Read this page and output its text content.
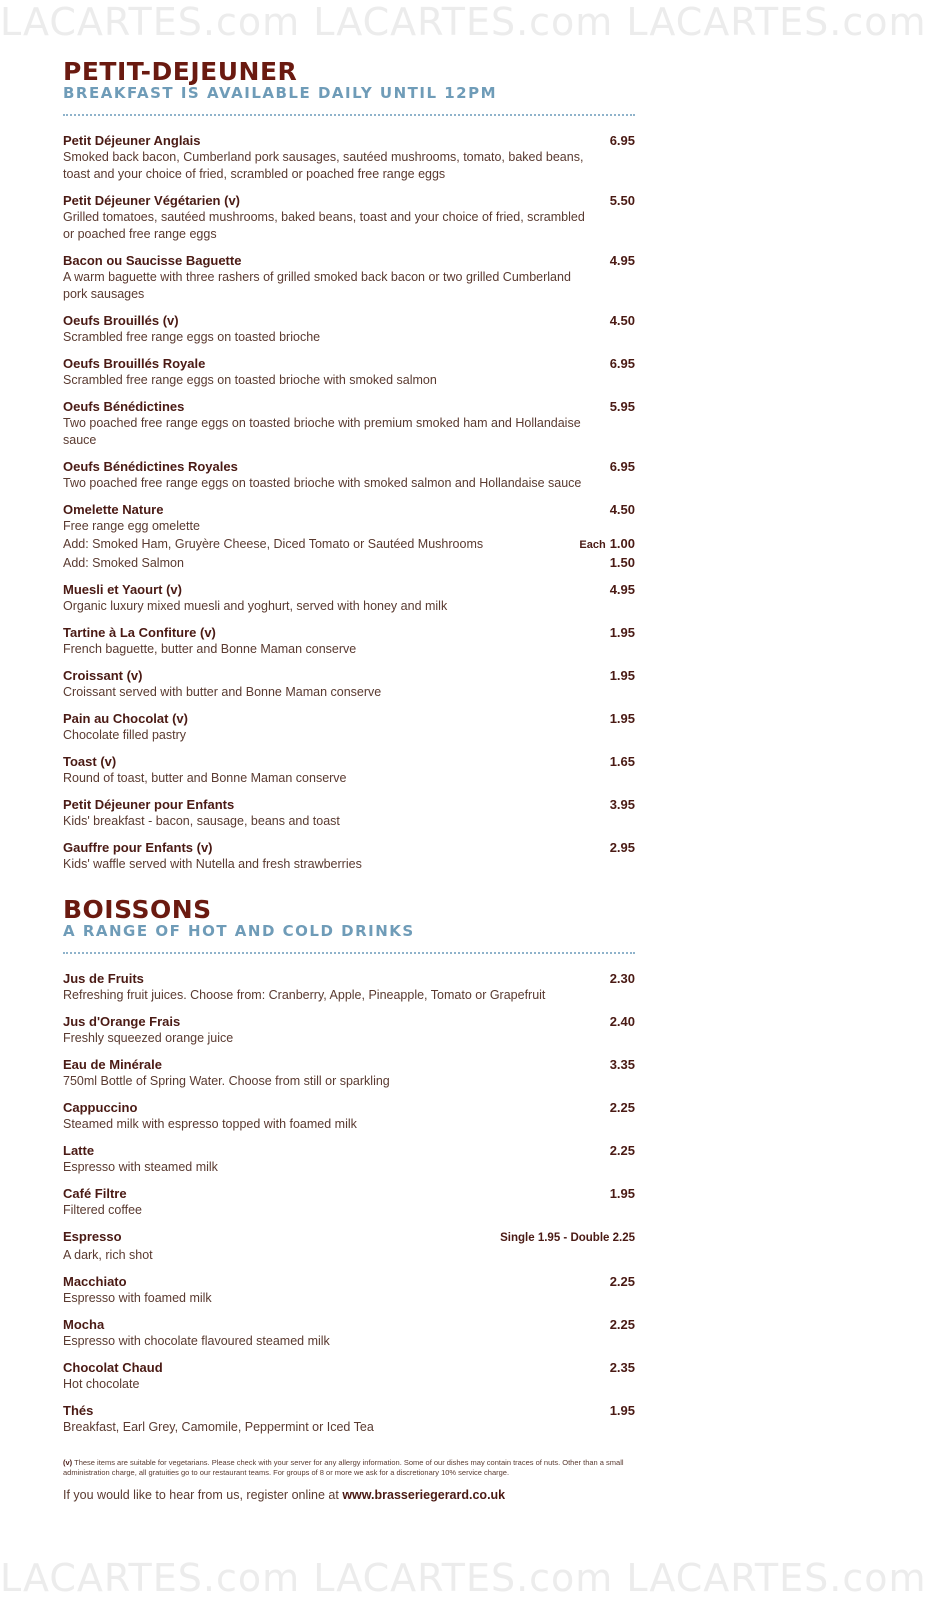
LACARTES.com LACARTES.com LACARTES.com
PETIT-DEJEUNER
BREAKFAST IS AVAILABLE DAILY UNTIL 12PM
Petit Déjeuner Anglais	6.95
Smoked back bacon, Cumberland pork sausages, sautéed mushrooms, tomato, baked beans, toast and your choice of fried, scrambled or poached free range eggs
Petit Déjeuner Végétarien (v)	5.50
Grilled tomatoes, sautéed mushrooms, baked beans, toast and your choice of fried, scrambled or poached free range eggs
Bacon ou Saucisse Baguette	4.95
A warm baguette with three rashers of grilled smoked back bacon or two grilled Cumberland pork sausages
Oeufs Brouillés (v)	4.50
Scrambled free range eggs on toasted brioche
Oeufs Brouillés Royale	6.95
Scrambled free range eggs on toasted brioche with smoked salmon
Oeufs Bénédictines	5.95
Two poached free range eggs on toasted brioche with premium smoked ham and Hollandaise sauce
Oeufs Bénédictines Royales	6.95
Two poached free range eggs on toasted brioche with smoked salmon and Hollandaise sauce
Omelette Nature	4.50
Free range egg omelette
Add: Smoked Ham, Gruyère Cheese, Diced Tomato or Sautéed Mushrooms	Each 1.00
Add: Smoked Salmon	1.50
Muesli et Yaourt (v)	4.95
Organic luxury mixed muesli and yoghurt, served with honey and milk
Tartine à La Confiture (v)	1.95
French baguette, butter and Bonne Maman conserve
Croissant (v)	1.95
Croissant served with butter and Bonne Maman conserve
Pain au Chocolat (v)	1.95
Chocolate filled pastry
Toast (v)	1.65
Round of toast, butter and Bonne Maman conserve
Petit Déjeuner pour Enfants	3.95
Kids' breakfast - bacon, sausage, beans and toast
Gauffre pour Enfants (v)	2.95
Kids' waffle served with Nutella and fresh strawberries
BOISSONS
A RANGE OF HOT AND COLD DRINKS
Jus de Fruits	2.30
Refreshing fruit juices. Choose from: Cranberry, Apple, Pineapple, Tomato or Grapefruit
Jus d'Orange Frais	2.40
Freshly squeezed orange juice
Eau de Minérale	3.35
750ml Bottle of Spring Water. Choose from still or sparkling
Cappuccino	2.25
Steamed milk with espresso topped with foamed milk
Latte	2.25
Espresso with steamed milk
Café Filtre	1.95
Filtered coffee
Espresso	Single 1.95 - Double 2.25
A dark, rich shot
Macchiato	2.25
Espresso with foamed milk
Mocha	2.25
Espresso with chocolate flavoured steamed milk
Chocolat Chaud	2.35
Hot chocolate
Thés	1.95
Breakfast, Earl Grey, Camomile, Peppermint or Iced Tea
(v) These items are suitable for vegetarians. Please check with your server for any allergy information. Some of our dishes may contain traces of nuts. Other than a small administration charge, all gratuities go to our restaurant teams. For groups of 8 or more we ask for a discretionary 10% service charge.
If you would like to hear from us, register online at www.brasseriegerard.co.uk
LACARTES.com LACARTES.com LACARTES.com
